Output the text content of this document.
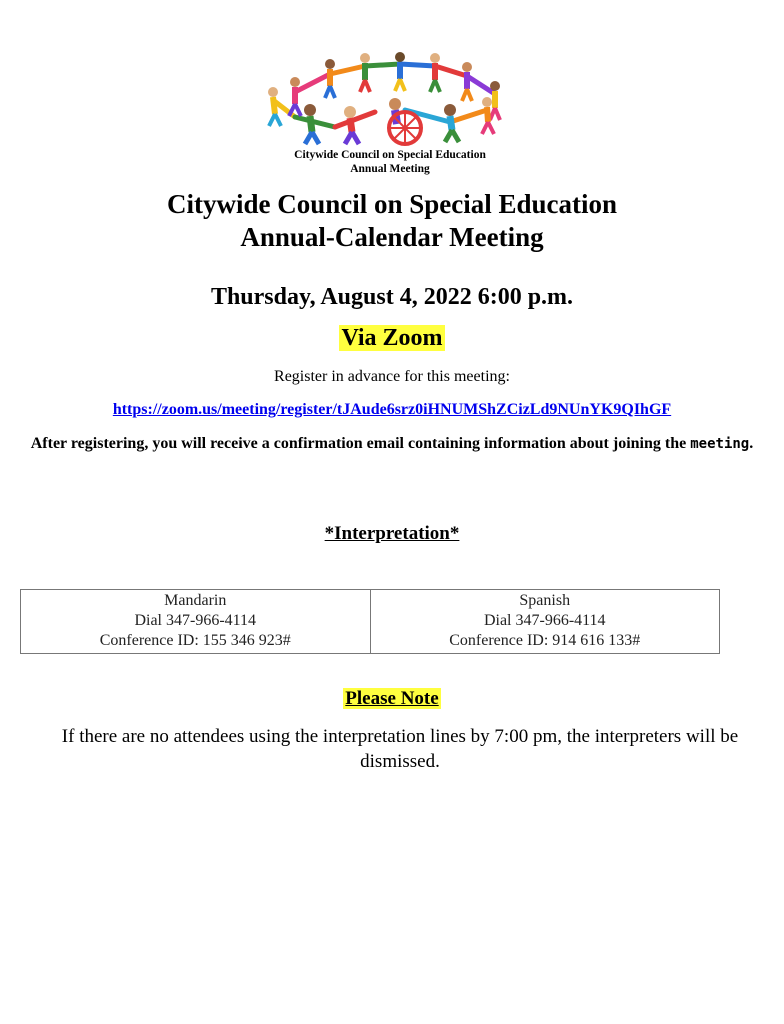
Citywide Council on Special Education
Annual Meeting
Citywide Council on Special Education
Annual-Calendar Meeting
Thursday, August 4, 2022 6:00 p.m.
Via Zoom
Register in advance for this meeting:
https://zoom.us/meeting/register/tJAude6srz0iHNUMShZCizLd9NUnYK9QIhGF
After registering, you will receive a confirmation email containing information about joining the meeting.
*Interpretation*
Mandarin
Dial 347-966-4114
Conference ID: 155 346 923#

Spanish
Dial 347-966-4114
Conference ID: 914 616 133#
Please Note
If there are no attendees using the interpretation lines by 7:00 pm, the interpreters will be dismissed.
